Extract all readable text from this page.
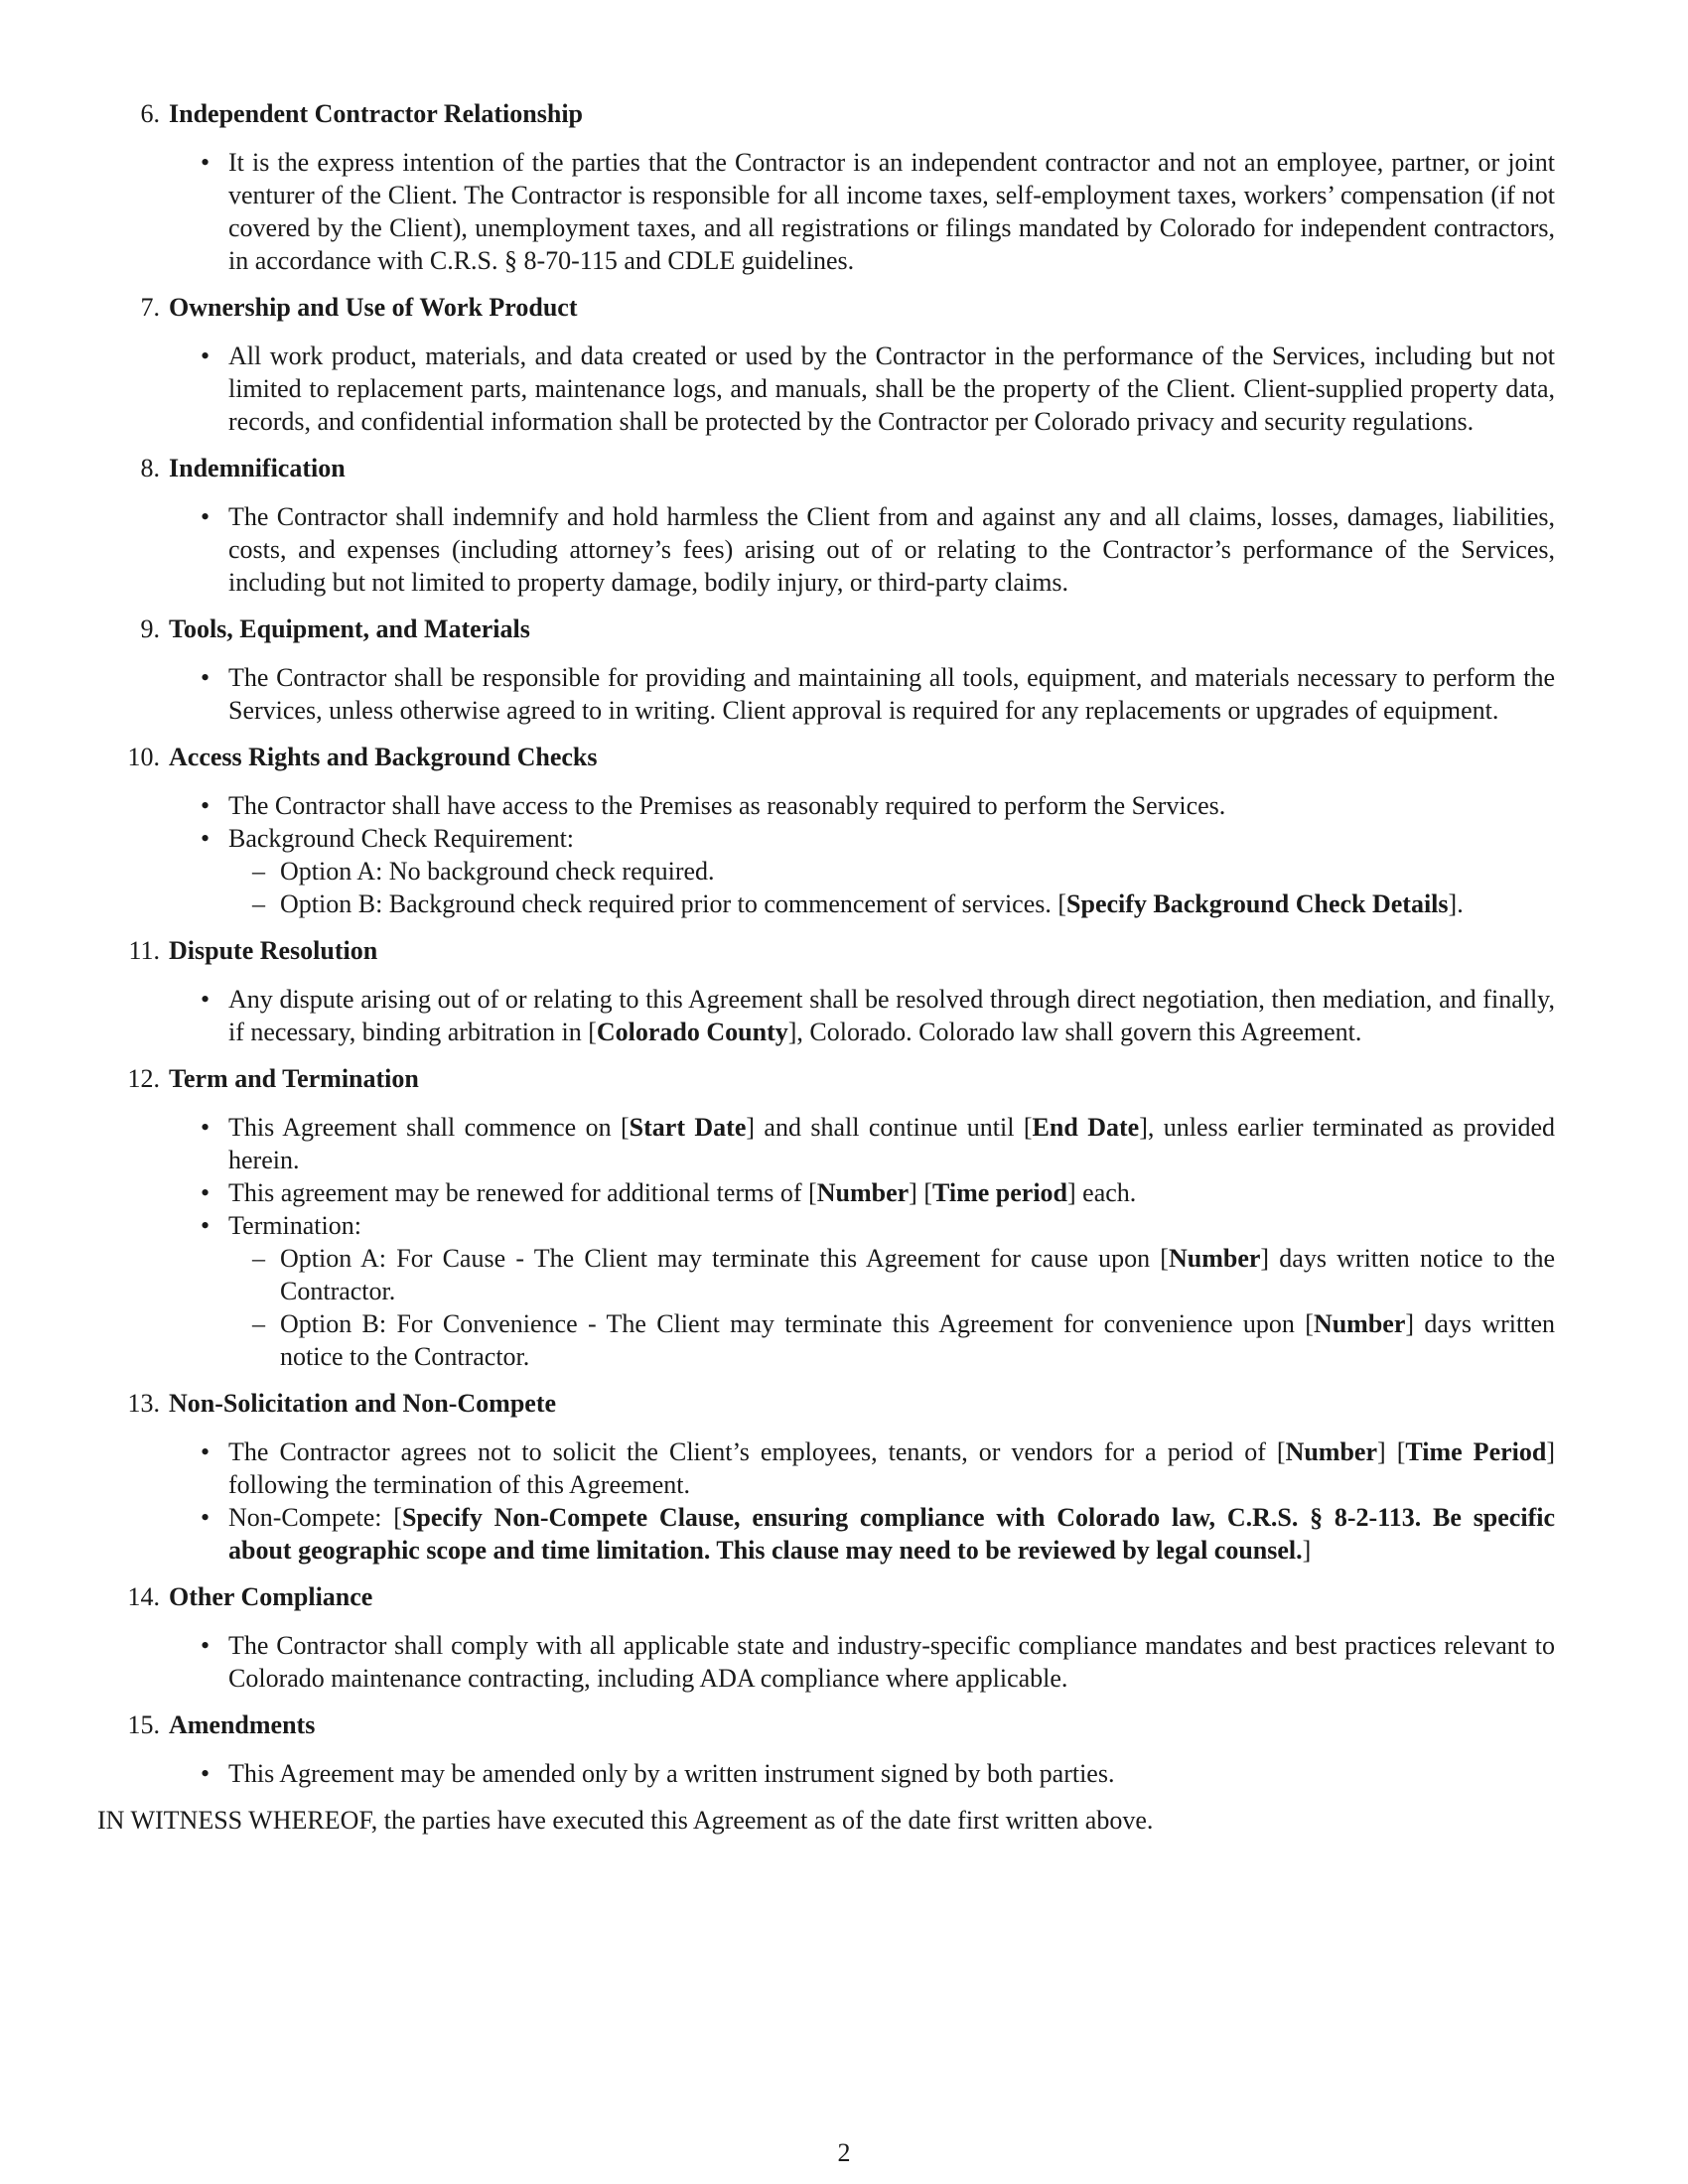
6. Independent Contractor Relationship
• It is the express intention of the parties that the Contractor is an independent contractor and not an employee, partner, or joint venturer of the Client. The Contractor is responsible for all income taxes, self-employment taxes, workers’ compensation (if not covered by the Client), unemployment taxes, and all registrations or filings mandated by Colorado for independent contractors, in accordance with C.R.S. § 8-70-115 and CDLE guidelines.
7. Ownership and Use of Work Product
• All work product, materials, and data created or used by the Contractor in the performance of the Services, including but not limited to replacement parts, maintenance logs, and manuals, shall be the property of the Client. Client-supplied property data, records, and confidential information shall be protected by the Contractor per Colorado privacy and security regulations.
8. Indemnification
• The Contractor shall indemnify and hold harmless the Client from and against any and all claims, losses, damages, liabilities, costs, and expenses (including attorney’s fees) arising out of or relating to the Contractor’s performance of the Services, including but not limited to property damage, bodily injury, or third-party claims.
9. Tools, Equipment, and Materials
• The Contractor shall be responsible for providing and maintaining all tools, equipment, and materials necessary to perform the Services, unless otherwise agreed to in writing. Client approval is required for any replacements or upgrades of equipment.
10. Access Rights and Background Checks
• The Contractor shall have access to the Premises as reasonably required to perform the Services.
• Background Check Requirement:
– Option A: No background check required.
– Option B: Background check required prior to commencement of services. [Specify Background Check Details].
11. Dispute Resolution
• Any dispute arising out of or relating to this Agreement shall be resolved through direct negotiation, then mediation, and finally, if necessary, binding arbitration in [Colorado County], Colorado. Colorado law shall govern this Agreement.
12. Term and Termination
• This Agreement shall commence on [Start Date] and shall continue until [End Date], unless earlier terminated as provided herein.
• This agreement may be renewed for additional terms of [Number] [Time period] each.
• Termination:
– Option A: For Cause - The Client may terminate this Agreement for cause upon [Number] days written notice to the Contractor.
– Option B: For Convenience - The Client may terminate this Agreement for convenience upon [Number] days written notice to the Contractor.
13. Non-Solicitation and Non-Compete
• The Contractor agrees not to solicit the Client’s employees, tenants, or vendors for a period of [Number] [Time Period] following the termination of this Agreement.
• Non-Compete: [Specify Non-Compete Clause, ensuring compliance with Colorado law, C.R.S. § 8-2-113. Be specific about geographic scope and time limitation. This clause may need to be reviewed by legal counsel.]
14. Other Compliance
• The Contractor shall comply with all applicable state and industry-specific compliance mandates and best practices relevant to Colorado maintenance contracting, including ADA compliance where applicable.
15. Amendments
• This Agreement may be amended only by a written instrument signed by both parties.
IN WITNESS WHEREOF, the parties have executed this Agreement as of the date first written above.
2
